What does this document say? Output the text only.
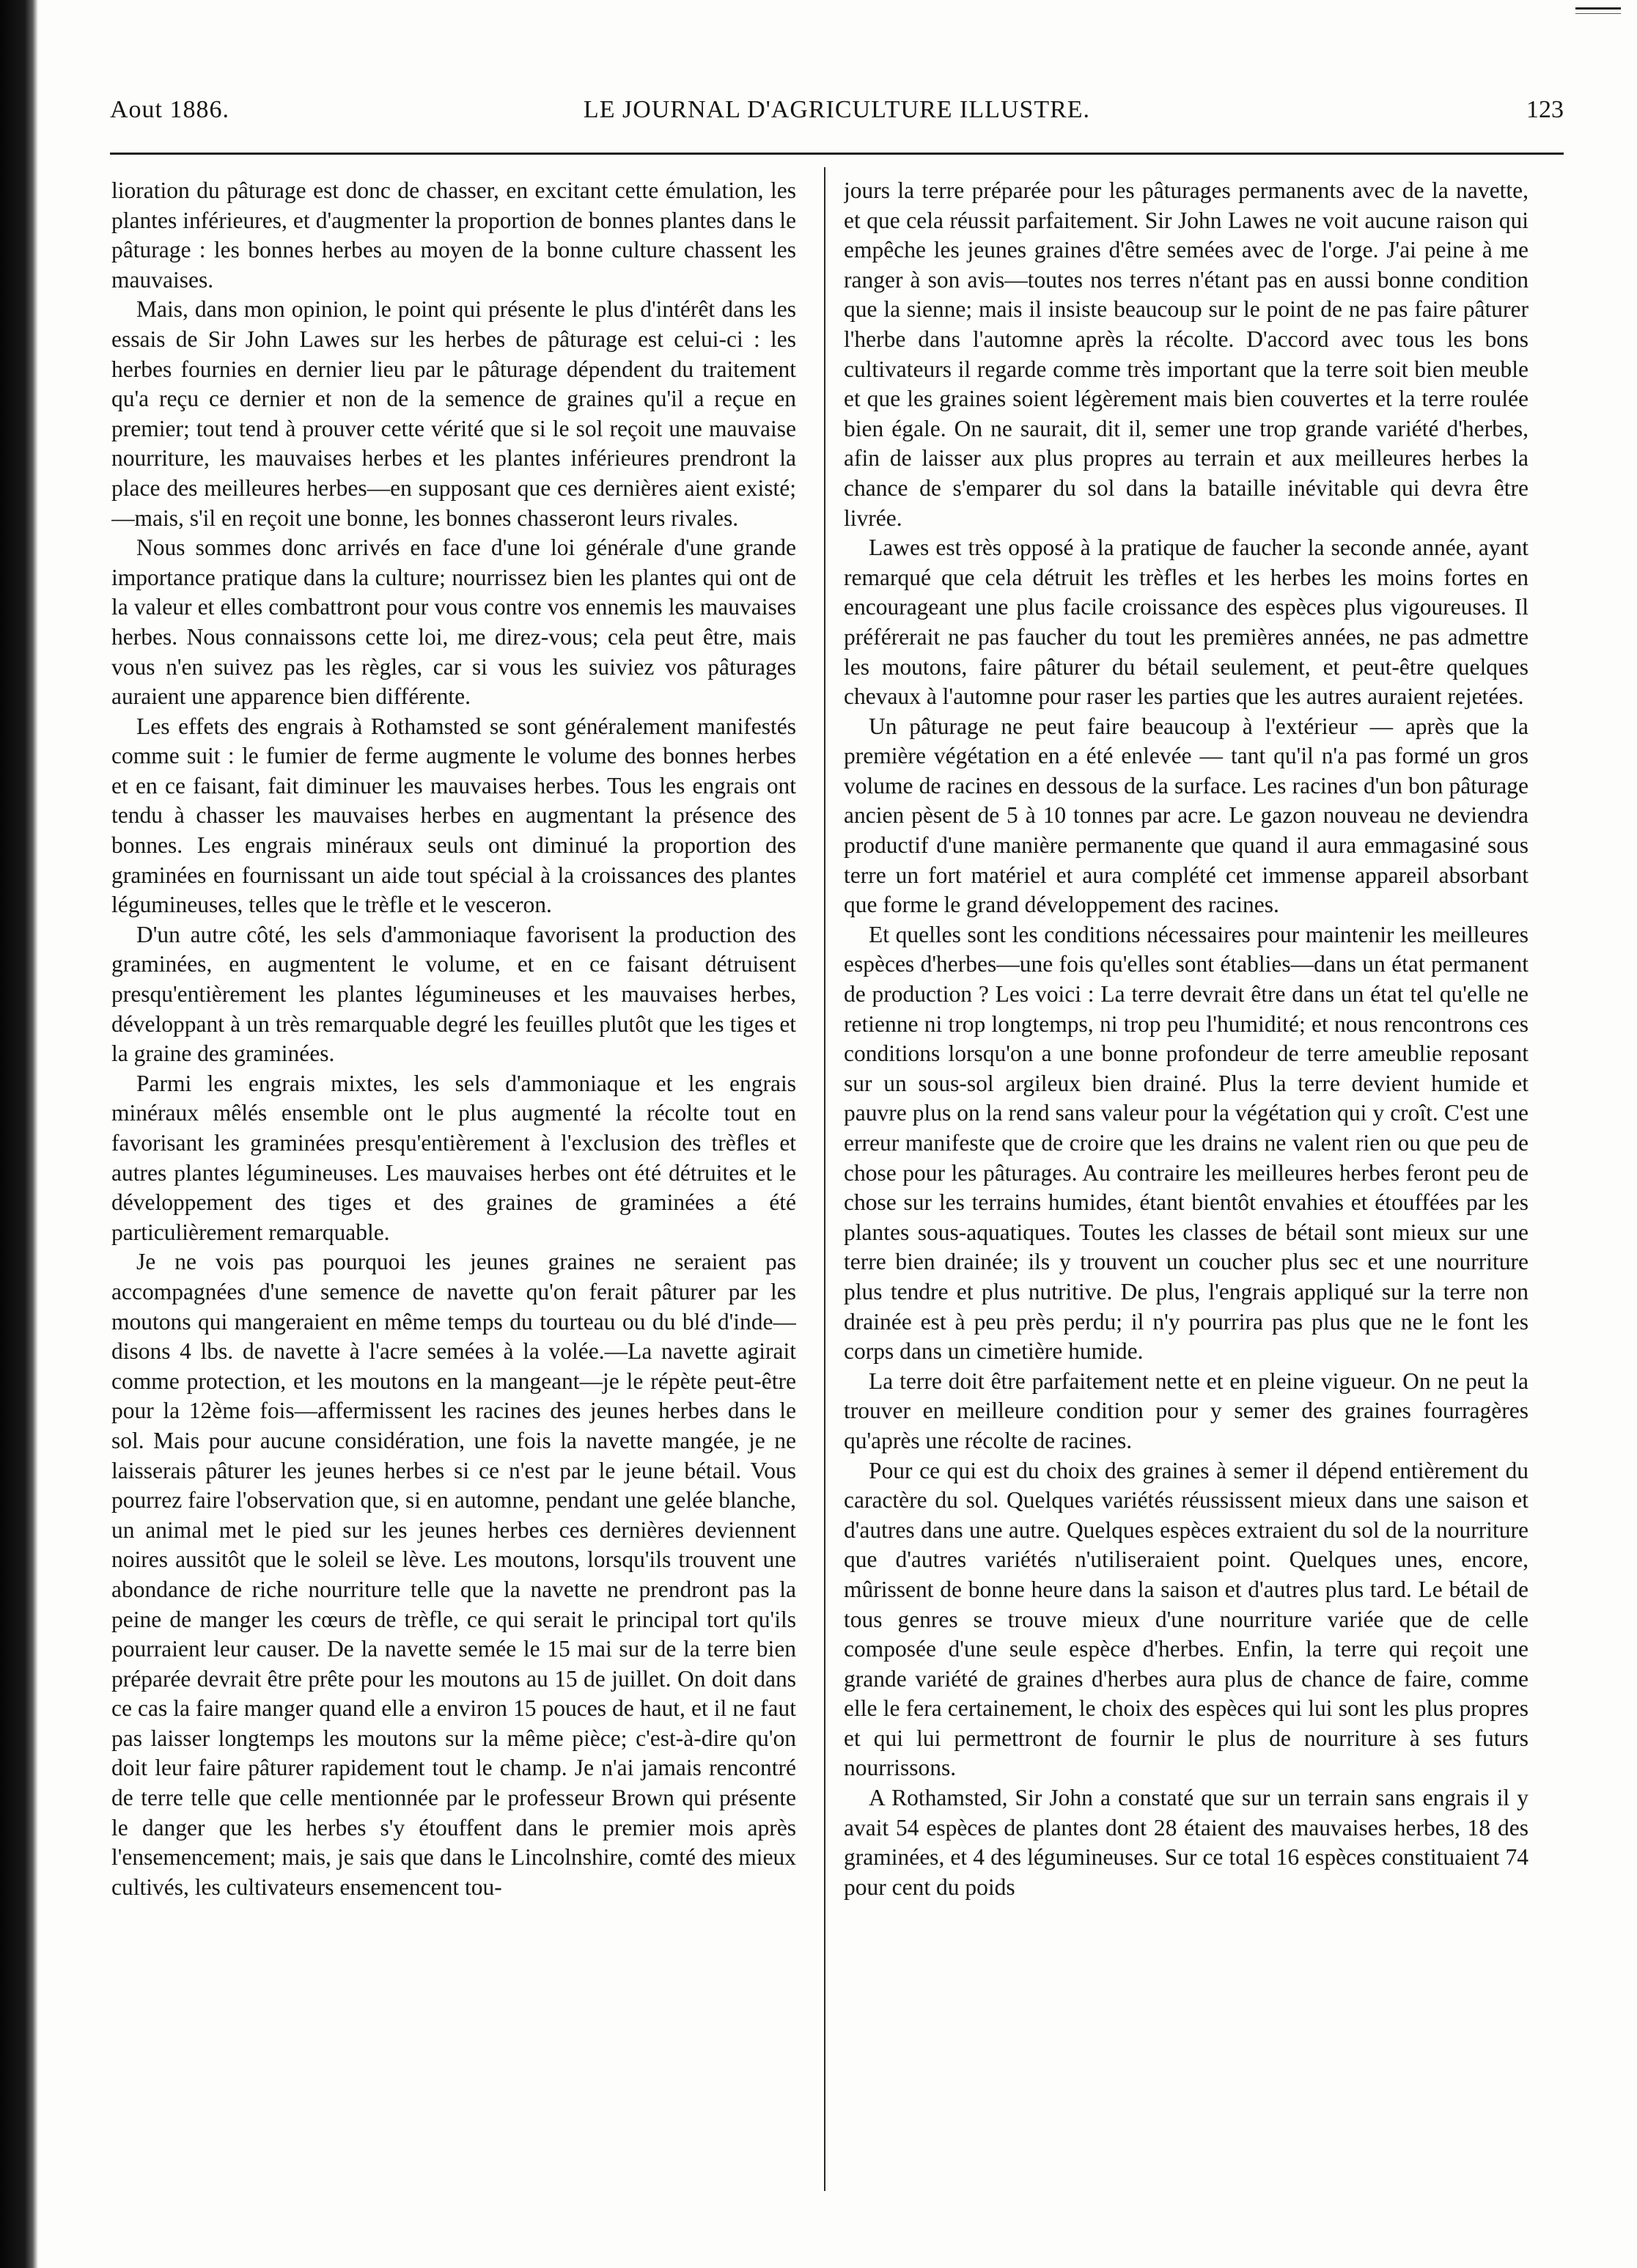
Aout 1886.	LE JOURNAL D'AGRICULTURE ILLUSTRE.	123

lioration du pâturage est donc de chasser, en excitant cette émulation, les plantes inférieures, et d'augmenter la proportion de bonnes plantes dans le pâturage : les bonnes herbes au moyen de la bonne culture chassent les mauvaises.

Mais, dans mon opinion, le point qui présente le plus d'intérêt dans les essais de Sir John Lawes sur les herbes de pâturage est celui-ci : les herbes fournies en dernier lieu par le pâturage dépendent du traitement qu'a reçu ce dernier et non de la semence de graines qu'il a reçue en premier; tout tend à prouver cette vérité que si le sol reçoit une mauvaise nourriture, les mauvaises herbes et les plantes inférieures prendront la place des meilleures herbes—en supposant que ces dernières aient existé;—mais, s'il en reçoit une bonne, les bonnes chasseront leurs rivales.

Nous sommes donc arrivés en face d'une loi générale d'une grande importance pratique dans la culture; nourrissez bien les plantes qui ont de la valeur et elles combattront pour vous contre vos ennemis les mauvaises herbes. Nous connaissons cette loi, me direz-vous; cela peut être, mais vous n'en suivez pas les règles, car si vous les suiviez vos pâturages auraient une apparence bien différente.

Les effets des engrais à Rothamsted se sont généralement manifestés comme suit : le fumier de ferme augmente le volume des bonnes herbes et en ce faisant, fait diminuer les mauvaises herbes. Tous les engrais ont tendu à chasser les mauvaises herbes en augmentant la présence des bonnes. Les engrais minéraux seuls ont diminué la proportion des graminées en fournissant un aide tout spécial à la croissances des plantes légumineuses, telles que le trèfle et le vesceron.

D'un autre côté, les sels d'ammoniaque favorisent la production des graminées, en augmentent le volume, et en ce faisant détruisent presqu'entièrement les plantes légumineuses et les mauvaises herbes, développant à un très remarquable degré les feuilles plutôt que les tiges et la graine des graminées.

Parmi les engrais mixtes, les sels d'ammoniaque et les engrais minéraux mêlés ensemble ont le plus augmenté la récolte tout en favorisant les graminées presqu'entièrement à l'exclusion des trèfles et autres plantes légumineuses. Les mauvaises herbes ont été détruites et le développement des tiges et des graines de graminées a été particulièrement remarquable.

Je ne vois pas pourquoi les jeunes graines ne seraient pas accompagnées d'une semence de navette qu'on ferait pâturer par les moutons qui mangeraient en même temps du tourteau ou du blé d'inde—disons 4 lbs. de navette à l'acre semées à la volée.—La navette agirait comme protection, et les moutons en la mangeant—je le répète peut-être pour la 12ème fois—affermissent les racines des jeunes herbes dans le sol. Mais pour aucune considération, une fois la navette mangée, je ne laisserais pâturer les jeunes herbes si ce n'est par le jeune bétail. Vous pourrez faire l'observation que, si en automne, pendant une gelée blanche, un animal met le pied sur les jeunes herbes ces dernières deviennent noires aussitôt que le soleil se lève. Les moutons, lorsqu'ils trouvent une abondance de riche nourriture telle que la navette ne prendront pas la peine de manger les cœurs de trèfle, ce qui serait le principal tort qu'ils pourraient leur causer. De la navette semée le 15 mai sur de la terre bien préparée devrait être prête pour les moutons au 15 de juillet. On doit dans ce cas la faire manger quand elle a environ 15 pouces de haut, et il ne faut pas laisser longtemps les moutons sur la même pièce; c'est-à-dire qu'on doit leur faire pâturer rapidement tout le champ. Je n'ai jamais rencontré de terre telle que celle mentionnée par le professeur Brown qui présente le danger que les herbes s'y étouffent dans le premier mois après l'ensemencement; mais, je sais que dans le Lincolnshire, comté des mieux cultivés, les cultivateurs ensemencent tou-

jours la terre préparée pour les pâturages permanents avec de la navette, et que cela réussit parfaitement. Sir John Lawes ne voit aucune raison qui empêche les jeunes graines d'être semées avec de l'orge. J'ai peine à me ranger à son avis—toutes nos terres n'étant pas en aussi bonne condition que la sienne; mais il insiste beaucoup sur le point de ne pas faire pâturer l'herbe dans l'automne après la récolte. D'accord avec tous les bons cultivateurs il regarde comme très important que la terre soit bien meuble et que les graines soient légèrement mais bien couvertes et la terre roulée bien égale. On ne saurait, dit il, semer une trop grande variété d'herbes, afin de laisser aux plus propres au terrain et aux meilleures herbes la chance de s'emparer du sol dans la bataille inévitable qui devra être livrée.

Lawes est très opposé à la pratique de faucher la seconde année, ayant remarqué que cela détruit les trèfles et les herbes les moins fortes en encourageant une plus facile croissance des espèces plus vigoureuses. Il préférerait ne pas faucher du tout les premières années, ne pas admettre les moutons, faire pâturer du bétail seulement, et peut-être quelques chevaux à l'automne pour raser les parties que les autres auraient rejetées.

Un pâturage ne peut faire beaucoup à l'extérieur — après que la première végétation en a été enlevée — tant qu'il n'a pas formé un gros volume de racines en dessous de la surface. Les racines d'un bon pâturage ancien pèsent de 5 à 10 tonnes par acre. Le gazon nouveau ne deviendra productif d'une manière permanente que quand il aura emmagasiné sous terre un fort matériel et aura complété cet immense appareil absorbant que forme le grand développement des racines.

Et quelles sont les conditions nécessaires pour maintenir les meilleures espèces d'herbes—une fois qu'elles sont établies—dans un état permanent de production ? Les voici : La terre devrait être dans un état tel qu'elle ne retienne ni trop longtemps, ni trop peu l'humidité; et nous rencontrons ces conditions lorsqu'on a une bonne profondeur de terre ameublie reposant sur un sous-sol argileux bien drainé. Plus la terre devient humide et pauvre plus on la rend sans valeur pour la végétation qui y croît. C'est une erreur manifeste que de croire que les drains ne valent rien ou que peu de chose pour les pâturages. Au contraire les meilleures herbes feront peu de chose sur les terrains humides, étant bientôt envahies et étouffées par les plantes sous-aquatiques. Toutes les classes de bétail sont mieux sur une terre bien drainée; ils y trouvent un coucher plus sec et une nourriture plus tendre et plus nutritive. De plus, l'engrais appliqué sur la terre non drainée est à peu près perdu; il n'y pourrira pas plus que ne le font les corps dans un cimetière humide.

La terre doit être parfaitement nette et en pleine vigueur. On ne peut la trouver en meilleure condition pour y semer des graines fourragères qu'après une récolte de racines.

Pour ce qui est du choix des graines à semer il dépend entièrement du caractère du sol. Quelques variétés réussissent mieux dans une saison et d'autres dans une autre. Quelques espèces extraient du sol de la nourriture que d'autres variétés n'utiliseraient point. Quelques unes, encore, mûrissent de bonne heure dans la saison et d'autres plus tard. Le bétail de tous genres se trouve mieux d'une nourriture variée que de celle composée d'une seule espèce d'herbes. Enfin, la terre qui reçoit une grande variété de graines d'herbes aura plus de chance de faire, comme elle le fera certainement, le choix des espèces qui lui sont les plus propres et qui lui permettront de fournir le plus de nourriture à ses futurs nourrissons.

A Rothamsted, Sir John a constaté que sur un terrain sans engrais il y avait 54 espèces de plantes dont 28 étaient des mauvaises herbes, 18 des graminées, et 4 des légumineuses. Sur ce total 16 espèces constituaient 74 pour cent du poids
